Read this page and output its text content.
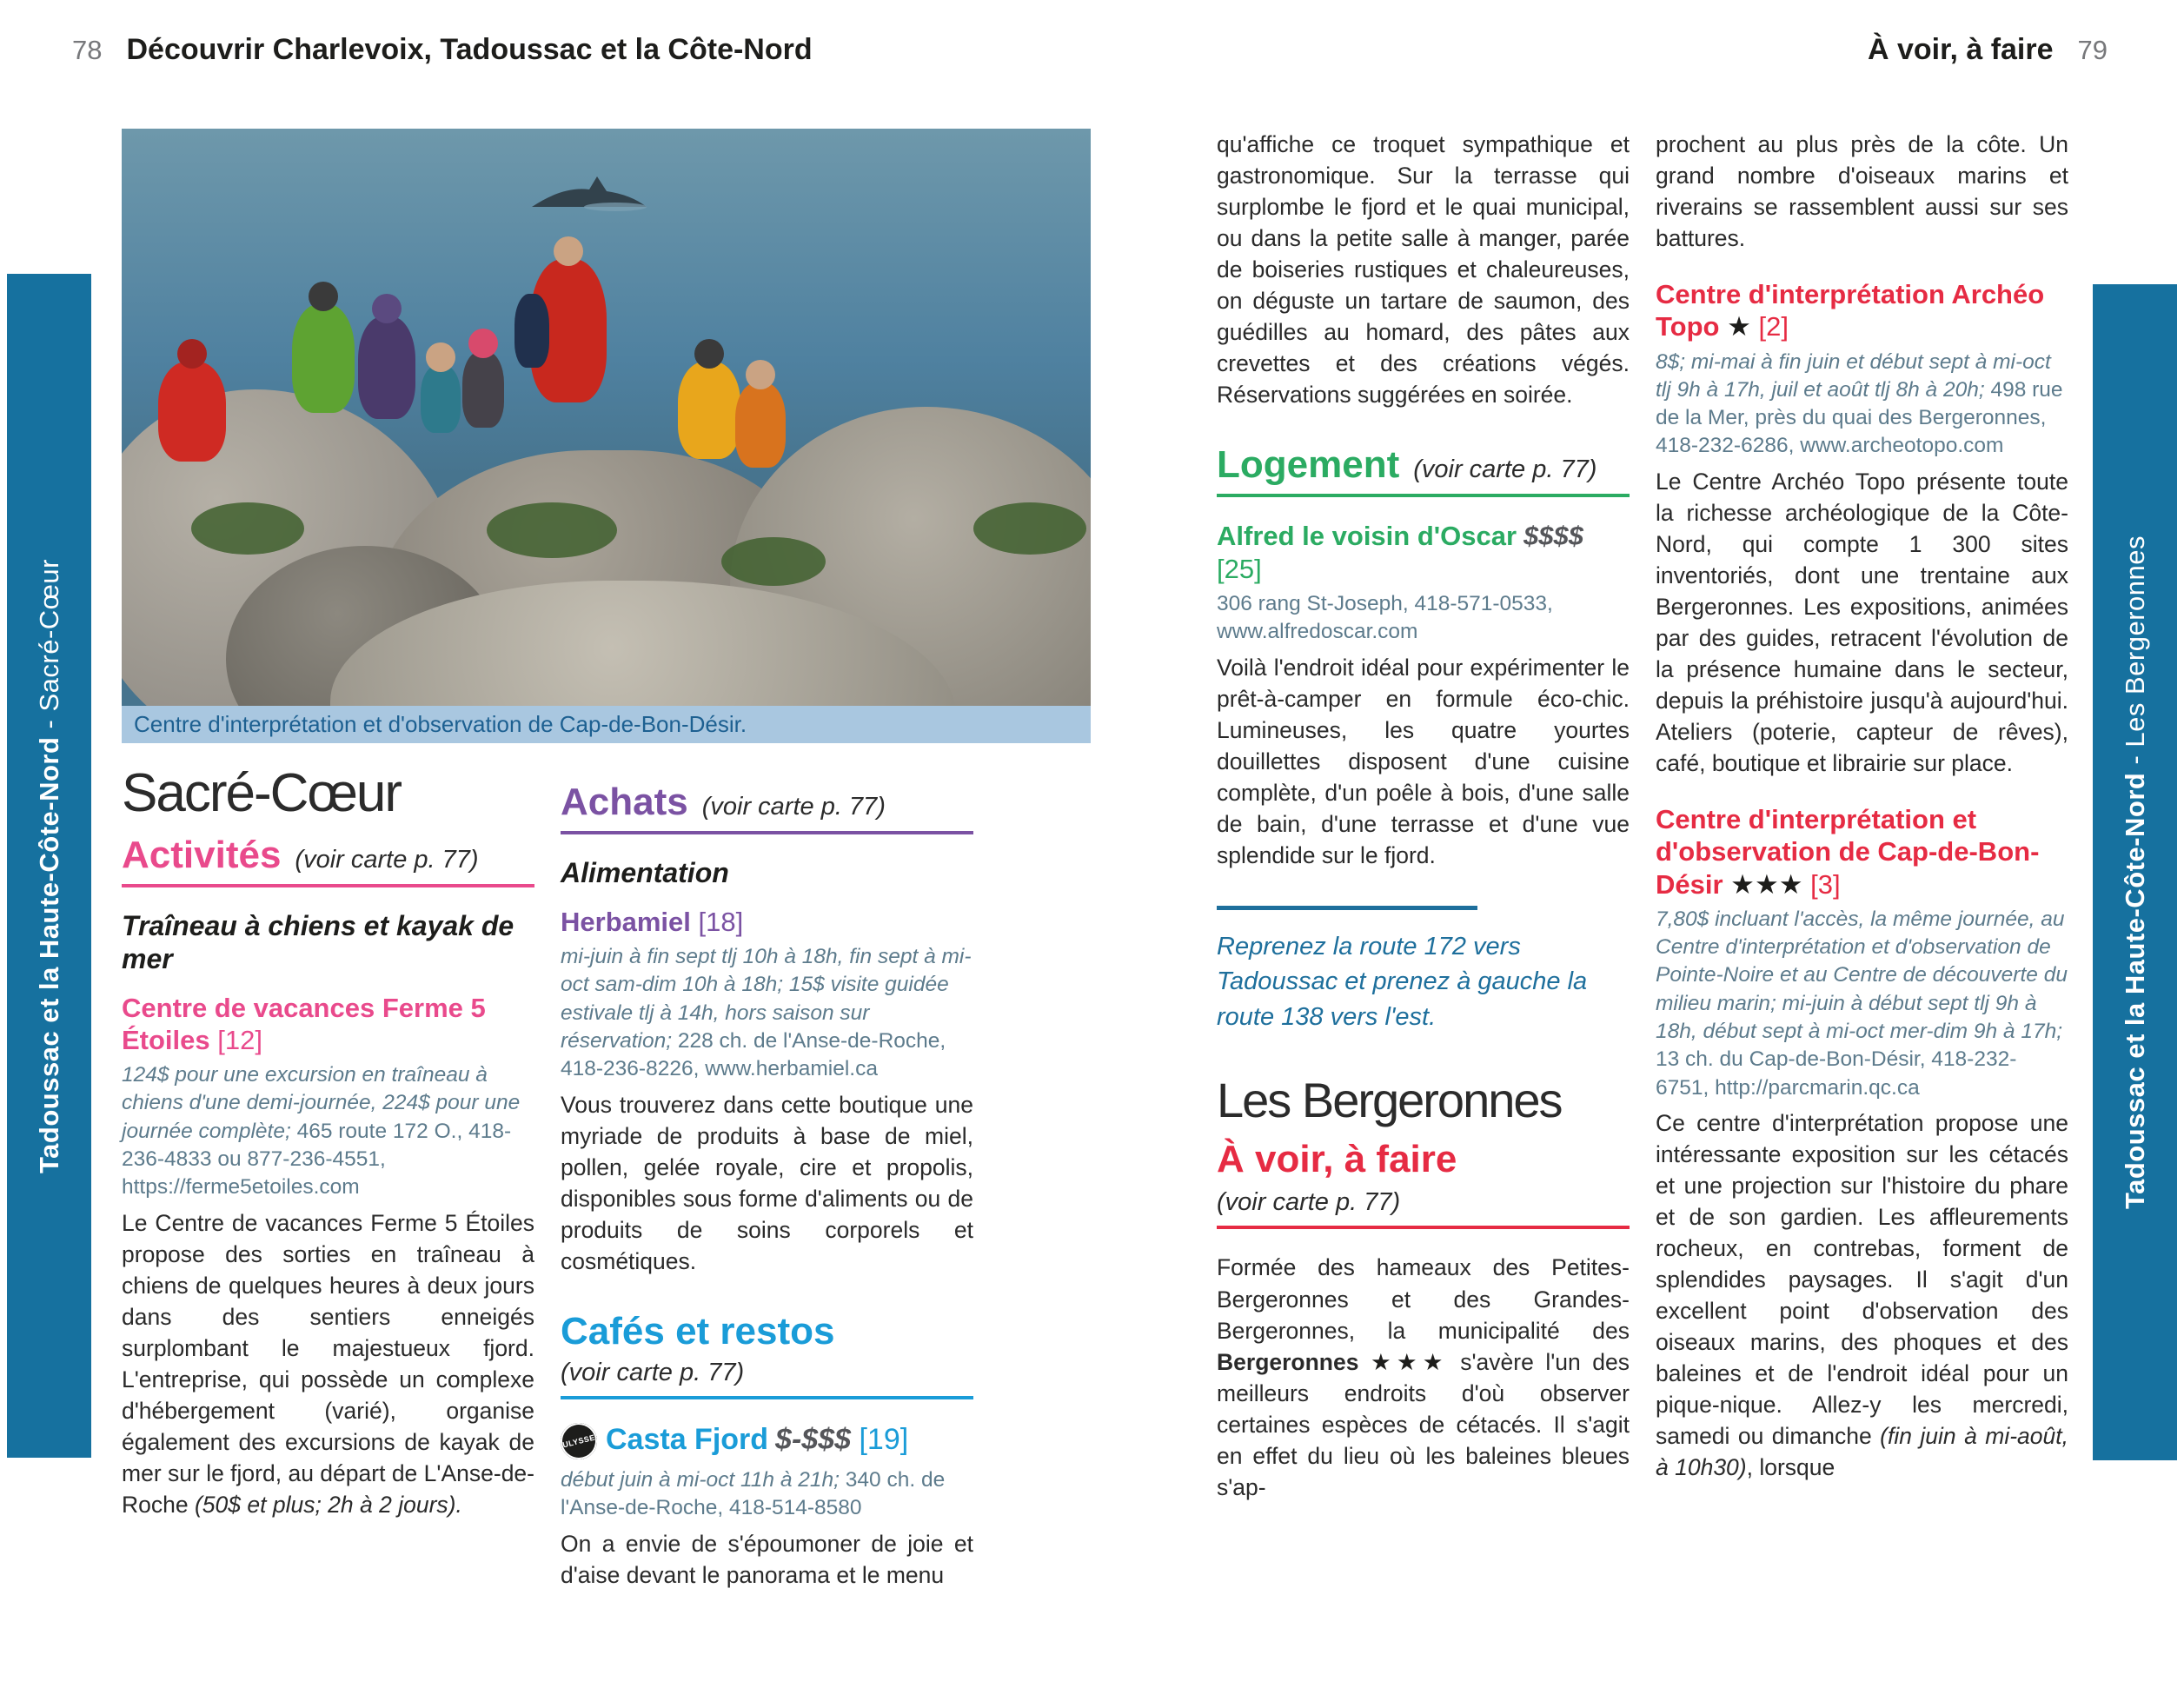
78 Découvrir Charlevoix, Tadoussac et la Côte-Nord	À voir, à faire 79
Tadoussac et la Haute-Côte-Nord - Sacré-Cœur
Tadoussac et la Haute-Côte-Nord - Les Bergeronnes
Centre d'interprétation et d'observation de Cap-de-Bon-Désir.
Sacré-Cœur
Activités (voir carte p. 77)
Traîneau à chiens et kayak de mer
Centre de vacances Ferme 5 Étoiles [12]
124$ pour une excursion en traîneau à chiens d'une demi-journée, 224$ pour une journée complète; 465 route 172 O., 418-236-4833 ou 877-236-4551, https://ferme5etoiles.com
Le Centre de vacances Ferme 5 Étoiles propose des sorties en traîneau à chiens de quelques heures à deux jours dans des sentiers enneigés surplombant le majestueux fjord. L'entreprise, qui possède un complexe d'hébergement (varié), organise également des excursions de kayak de mer sur le fjord, au départ de L'Anse-de-Roche (50$ et plus; 2h à 2 jours).
Achats (voir carte p. 77)
Alimentation
Herbamiel [18]
mi-juin à fin sept tlj 10h à 18h, fin sept à mi-oct sam-dim 10h à 18h; 15$ visite guidée estivale tlj à 14h, hors saison sur réservation; 228 ch. de l'Anse-de-Roche, 418-236-8226, www.herbamiel.ca
Vous trouverez dans cette boutique une myriade de produits à base de miel, pollen, gelée royale, cire et propolis, disponibles sous forme d'aliments ou de produits de soins corporels et cosmétiques.
Cafés et restos
(voir carte p. 77)
ULYSSE Casta Fjord $-$$$ [19]
début juin à mi-oct 11h à 21h; 340 ch. de l'Anse-de-Roche, 418-514-8580
On a envie de s'époumoner de joie et d'aise devant le panorama et le menu
qu'affiche ce troquet sympathique et gastronomique. Sur la terrasse qui surplombe le fjord et le quai municipal, ou dans la petite salle à manger, parée de boiseries rustiques et chaleureuses, on déguste un tartare de saumon, des guédilles au homard, des pâtes aux crevettes et des créations végés. Réservations suggérées en soirée.
Logement (voir carte p. 77)
Alfred le voisin d'Oscar $$$$
[25]
306 rang St-Joseph, 418-571-0533, www.alfredoscar.com
Voilà l'endroit idéal pour expérimenter le prêt-à-camper en formule éco-chic. Lumineuses, les quatre yourtes douillettes disposent d'une cuisine complète, d'un poêle à bois, d'une salle de bain, d'une terrasse et d'une vue splendide sur le fjord.
Reprenez la route 172 vers Tadoussac et prenez à gauche la route 138 vers l'est.
Les Bergeronnes
À voir, à faire
(voir carte p. 77)
Formée des hameaux des Petites-Bergeronnes et des Grandes-Bergeronnes, la municipalité des Bergeronnes ★★★ s'avère l'un des meilleurs endroits d'où observer certaines espèces de cétacés. Il s'agit en effet du lieu où les baleines bleues s'ap-
prochent au plus près de la côte. Un grand nombre d'oiseaux marins et riverains se rassemblent aussi sur ses battures.
Centre d'interprétation Archéo Topo ★ [2]
8$; mi-mai à fin juin et début sept à mi-oct tlj 9h à 17h, juil et août tlj 8h à 20h; 498 rue de la Mer, près du quai des Bergeronnes, 418-232-6286, www.archeotopo.com
Le Centre Archéo Topo présente toute la richesse archéologique de la Côte-Nord, qui compte 1 300 sites inventoriés, dont une trentaine aux Bergeronnes. Les expositions, animées par des guides, retracent l'évolution de la présence humaine dans le secteur, depuis la préhistoire jusqu'à aujourd'hui. Ateliers (poterie, capteur de rêves), café, boutique et librairie sur place.
Centre d'interprétation et d'observation de Cap-de-Bon-Désir ★★★ [3]
7,80$ incluant l'accès, la même journée, au Centre d'interprétation et d'observation de Pointe-Noire et au Centre de découverte du milieu marin; mi-juin à début sept tlj 9h à 18h, début sept à mi-oct mer-dim 9h à 17h; 13 ch. du Cap-de-Bon-Désir, 418-232-6751, http://parcmarin.qc.ca
Ce centre d'interprétation propose une intéressante exposition sur les cétacés et une projection sur l'histoire du phare et de son gardien. Les affleurements rocheux, en contrebas, forment de splendides paysages. Il s'agit d'un excellent point d'observation des oiseaux marins, des phoques et des baleines et de l'endroit idéal pour un pique-nique. Allez-y les mercredi, samedi ou dimanche (fin juin à mi-août, à 10h30), lorsque
